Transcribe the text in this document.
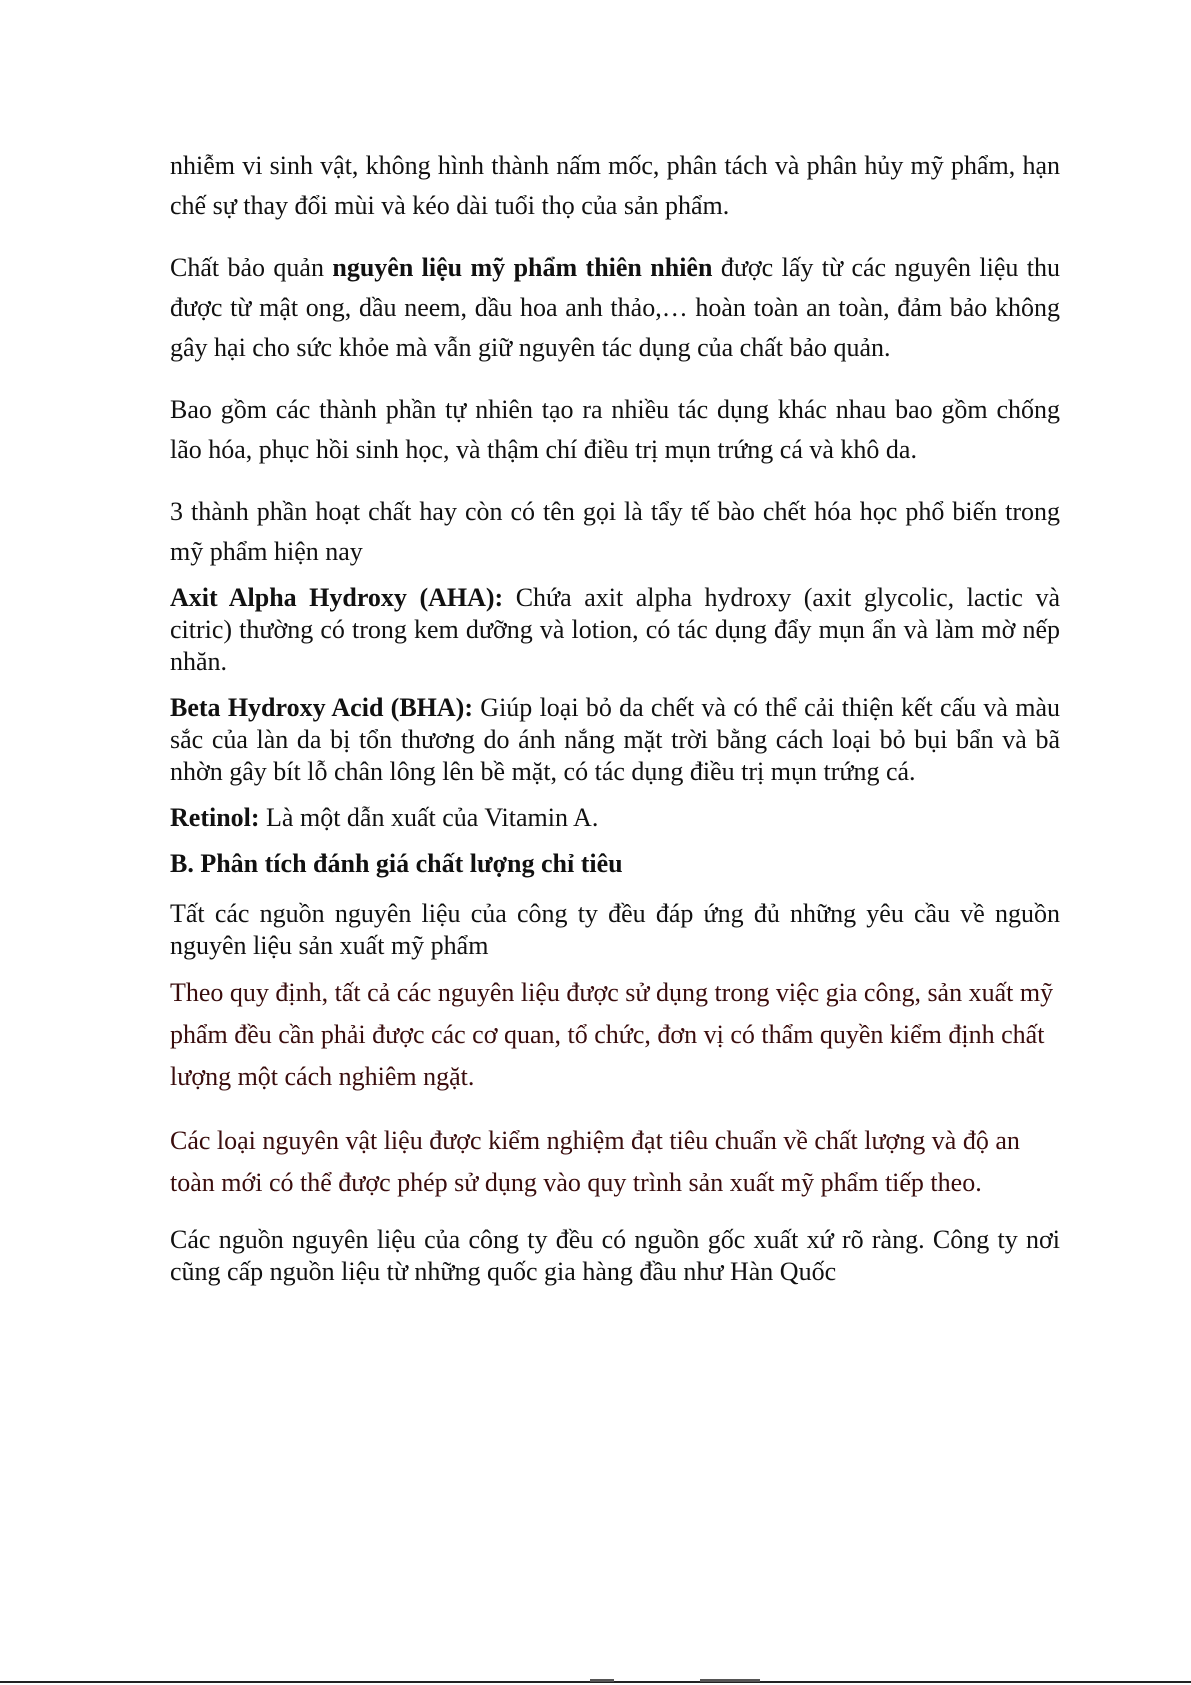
nhiễm vi sinh vật, không hình thành nấm mốc, phân tách và phân hủy mỹ phẩm, hạn chế sự thay đổi mùi và kéo dài tuổi thọ của sản phẩm.

Chất bảo quản nguyên liệu mỹ phẩm thiên nhiên được lấy từ các nguyên liệu thu được từ mật ong, dầu neem, dầu hoa anh thảo,… hoàn toàn an toàn, đảm bảo không gây hại cho sức khỏe mà vẫn giữ nguyên tác dụng của chất bảo quản.

Bao gồm các thành phần tự nhiên tạo ra nhiều tác dụng khác nhau bao gồm chống lão hóa, phục hồi sinh học, và thậm chí điều trị mụn trứng cá và khô da.

3 thành phần hoạt chất hay còn có tên gọi là tẩy tế bào chết hóa học phổ biến trong mỹ phẩm hiện nay

Axit Alpha Hydroxy (AHA): Chứa axit alpha hydroxy (axit glycolic, lactic và citric) thường có trong kem dưỡng và lotion, có tác dụng đẩy mụn ẩn và làm mờ nếp nhăn.

Beta Hydroxy Acid (BHA): Giúp loại bỏ da chết và có thể cải thiện kết cấu và màu sắc của làn da bị tổn thương do ánh nắng mặt trời bằng cách loại bỏ bụi bẩn và bã nhờn gây bít lỗ chân lông lên bề mặt, có tác dụng điều trị mụn trứng cá.

Retinol: Là một dẫn xuất của Vitamin A.

B. Phân tích đánh giá chất lượng chỉ tiêu

Tất các nguồn nguyên liệu của công ty đều đáp ứng đủ những yêu cầu về nguồn nguyên liệu sản xuất mỹ phẩm

Theo quy định, tất cả các nguyên liệu được sử dụng trong việc gia công, sản xuất mỹ phẩm đều cần phải được các cơ quan, tổ chức, đơn vị có thẩm quyền kiểm định chất lượng một cách nghiêm ngặt.

Các loại nguyên vật liệu được kiểm nghiệm đạt tiêu chuẩn về chất lượng và độ an toàn mới có thể được phép sử dụng vào quy trình sản xuất mỹ phẩm tiếp theo.

Các nguồn nguyên liệu của công ty đều có nguồn gốc xuất xứ rõ ràng. Công ty nơi cũng cấp nguồn liệu từ những quốc gia hàng đầu như Hàn Quốc
